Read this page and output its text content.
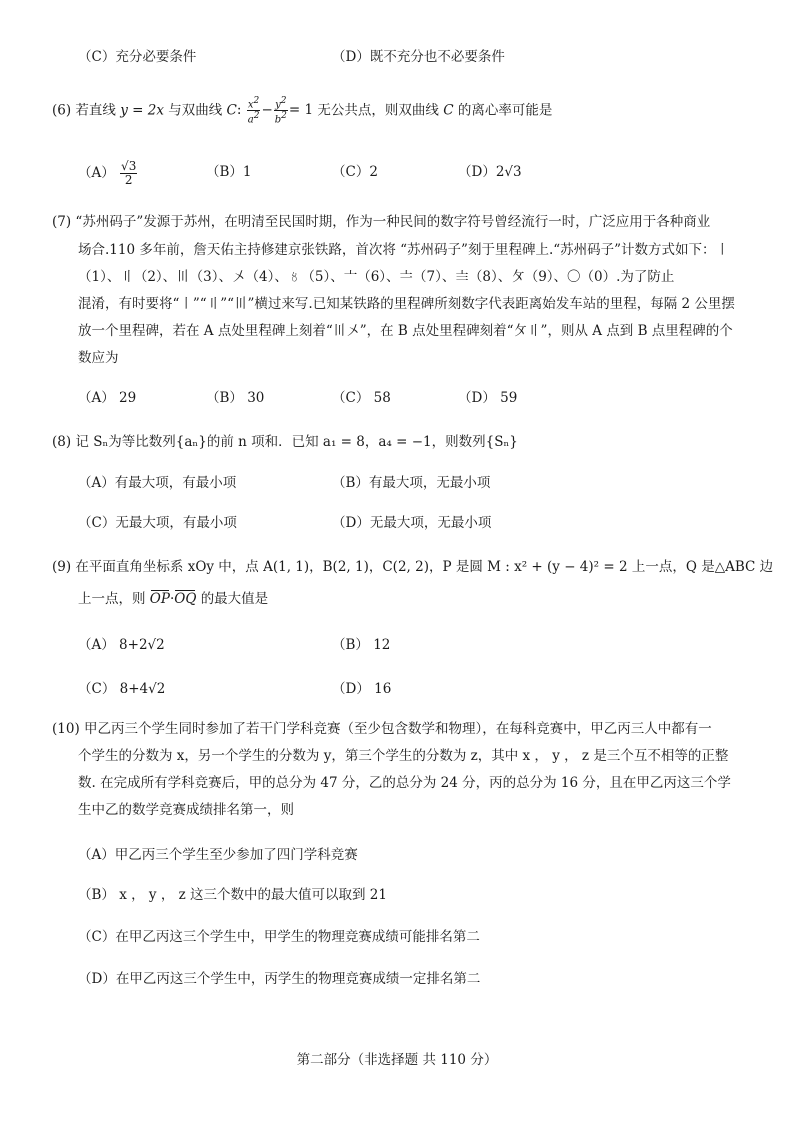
（C）充分必要条件	（D）既不充分也不必要条件
(6) 若直线 y = 2x 与双曲线 C: $\frac{x^2}{a^2} - \frac{y^2}{b^2} = 1$ 无公共点，则双曲线 C 的离心率可能是
$(A) \frac{√3}{2}$	（B）1	（C）2	（D）2√3
(7) “苏州码子”发源于苏州，在明清至民国时期，作为一种民间的数字符号曾经流行一时，广泛应用于各种商业
场合.110 多年前，詹天佑主持修建京张铁路，首次将 “苏州码子”刻于里程碑上.“苏州码子”计数方式如下：〡
（1）、〢（2）、〣（3）、〤（4）、〥（5）、〦（6）、〧（7）、〨（8）、〩（9）、〇（0）.为了防止
混淆，有时要将“〡”“〢”“〣”横过来写.已知某铁路的里程碑所刻数字代表距离始发车站的里程，每隔 2 公里摆
放一个里程碑，若在 A 点处里程碑上刻着“〣〤”，在 B 点处里程碑刻着“〩〢”，则从 A 点到 B 点里程碑的个
数应为
（A） 29	（B） 30	（C） 58	（D） 59
(8) 记 Sₙ为等比数列{aₙ}的前 n 项和．已知 a₁ = 8，a₄ = −1，则数列{Sₙ}
（A）有最大项，有最小项	（B）有最大项，无最小项
（C）无最大项，有最小项	（D）无最大项，无最小项
(9) 在平面直角坐标系 xOy 中，点 A(1, 1)，B(2, 1)，C(2, 2)，P 是圆 M : x² + (y − 4)² = 2 上一点，Q 是△ABC 边
上一点，则 OP·OQ 的最大值是
（A） 8+2√2	（B） 12
（C） 8+4√2	（D） 16
(10) 甲乙丙三个学生同时参加了若干门学科竞赛（至少包含数学和物理），在每科竞赛中，甲乙丙三人中都有一
个学生的分数为 x，另一个学生的分数为 y，第三个学生的分数为 z，其中 x ， y ， z 是三个互不相等的正整
数. 在完成所有学科竞赛后，甲的总分为 47 分，乙的总分为 24 分，丙的总分为 16 分，且在甲乙丙这三个学
生中乙的数学竞赛成绩排名第一，则
（A）甲乙丙三个学生至少参加了四门学科竞赛
（B） x ， y ， z 这三个数中的最大值可以取到 21
（C）在甲乙丙这三个学生中，甲学生的物理竞赛成绩可能排名第二
（D）在甲乙丙这三个学生中，丙学生的物理竞赛成绩一定排名第二
第二部分（非选择题 共 110 分）
